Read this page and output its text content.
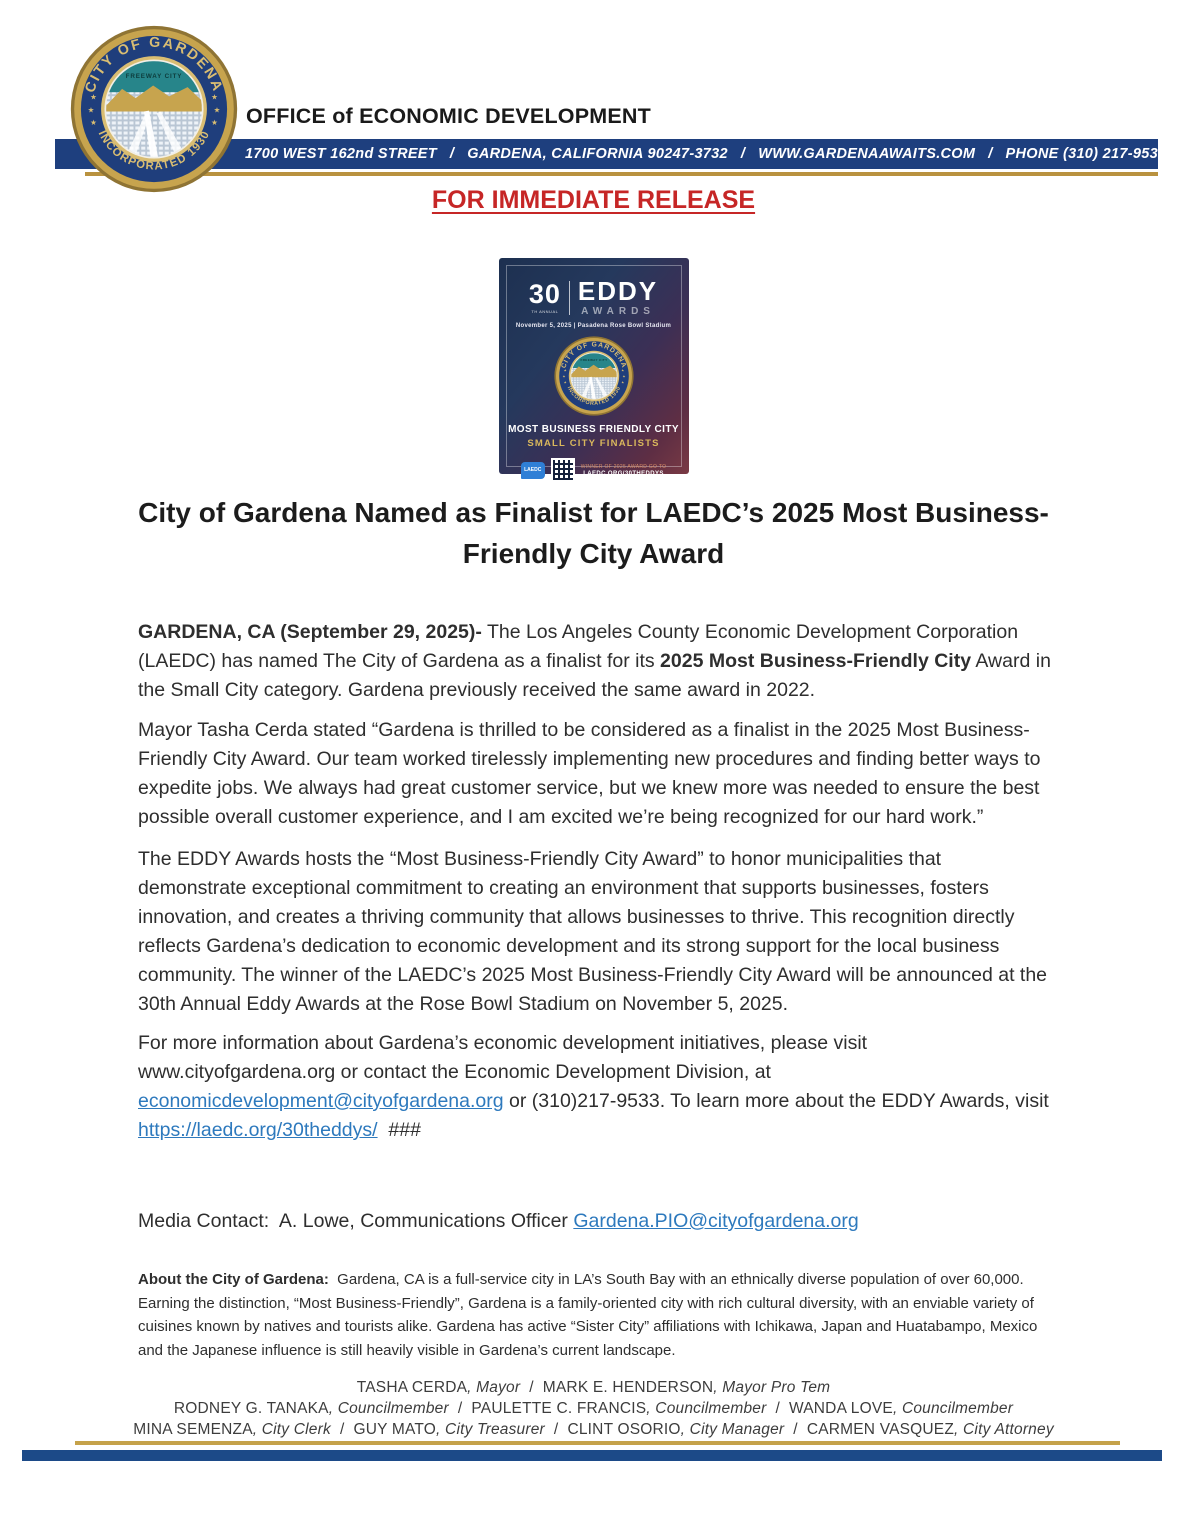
1700 WEST 162nd STREET   /   GARDENA, CALIFORNIA 90247-3732   /   WWW.GARDENAAWAITS.COM   /   PHONE (310) 217-9533
OFFICE of ECONOMIC DEVELOPMENT
FOR IMMEDIATE RELEASE
30
TH ANNUAL
EDDY
AWARDS
November 5, 2025 | Pasadena Rose Bowl Stadium
MOST BUSINESS FRIENDLY CITY
SMALL CITY FINALISTS
LAEDC
WINNER OF 2025 AWARD GO TO
LAEDC.ORG/30THEDDYS
City of Gardena Named as Finalist for LAEDC’s 2025 Most Business-Friendly City Award

GARDENA, CA (September 29, 2025)- The Los Angeles County Economic Development Corporation (LAEDC) has named The City of Gardena as a finalist for its 2025 Most Business-Friendly City Award in the Small City category. Gardena previously received the same award in 2022.

Mayor Tasha Cerda stated “Gardena is thrilled to be considered as a finalist in the 2025 Most Business-Friendly City Award. Our team worked tirelessly implementing new procedures and finding better ways to expedite jobs. We always had great customer service, but we knew more was needed to ensure the best possible overall customer experience, and I am excited we’re being recognized for our hard work.”

The EDDY Awards hosts the “Most Business-Friendly City Award” to honor municipalities that demonstrate exceptional commitment to creating an environment that supports businesses, fosters innovation, and creates a thriving community that allows businesses to thrive. This recognition directly reflects Gardena’s dedication to economic development and its strong support for the local business community. The winner of the LAEDC’s 2025 Most Business-Friendly City Award will be announced at the 30th Annual Eddy Awards at the Rose Bowl Stadium on November 5, 2025.

For more information about Gardena’s economic development initiatives, please visit www.cityofgardena.org or contact the Economic Development Division, at economicdevelopment@cityofgardena.org or (310)217-9533. To learn more about the EDDY Awards, visit https://laedc.org/30theddys/  ###

Media Contact:  A. Lowe, Communications Officer Gardena.PIO@cityofgardena.org

About the City of Gardena:  Gardena, CA is a full-service city in LA’s South Bay with an ethnically diverse population of over 60,000. Earning the distinction, “Most Business-Friendly”, Gardena is a family-oriented city with rich cultural diversity, with an enviable variety of cuisines known by natives and tourists alike. Gardena has active “Sister City” affiliations with Ichikawa, Japan and Huatabampo, Mexico and the Japanese influence is still heavily visible in Gardena’s current landscape.

TASHA CERDA, Mayor  /  MARK E. HENDERSON, Mayor Pro Tem
RODNEY G. TANAKA, Councilmember  /  PAULETTE C. FRANCIS, Councilmember  /  WANDA LOVE, Councilmember
MINA SEMENZA, City Clerk  /  GUY MATO, City Treasurer  /  CLINT OSORIO, City Manager  /  CARMEN VASQUEZ, City Attorney
